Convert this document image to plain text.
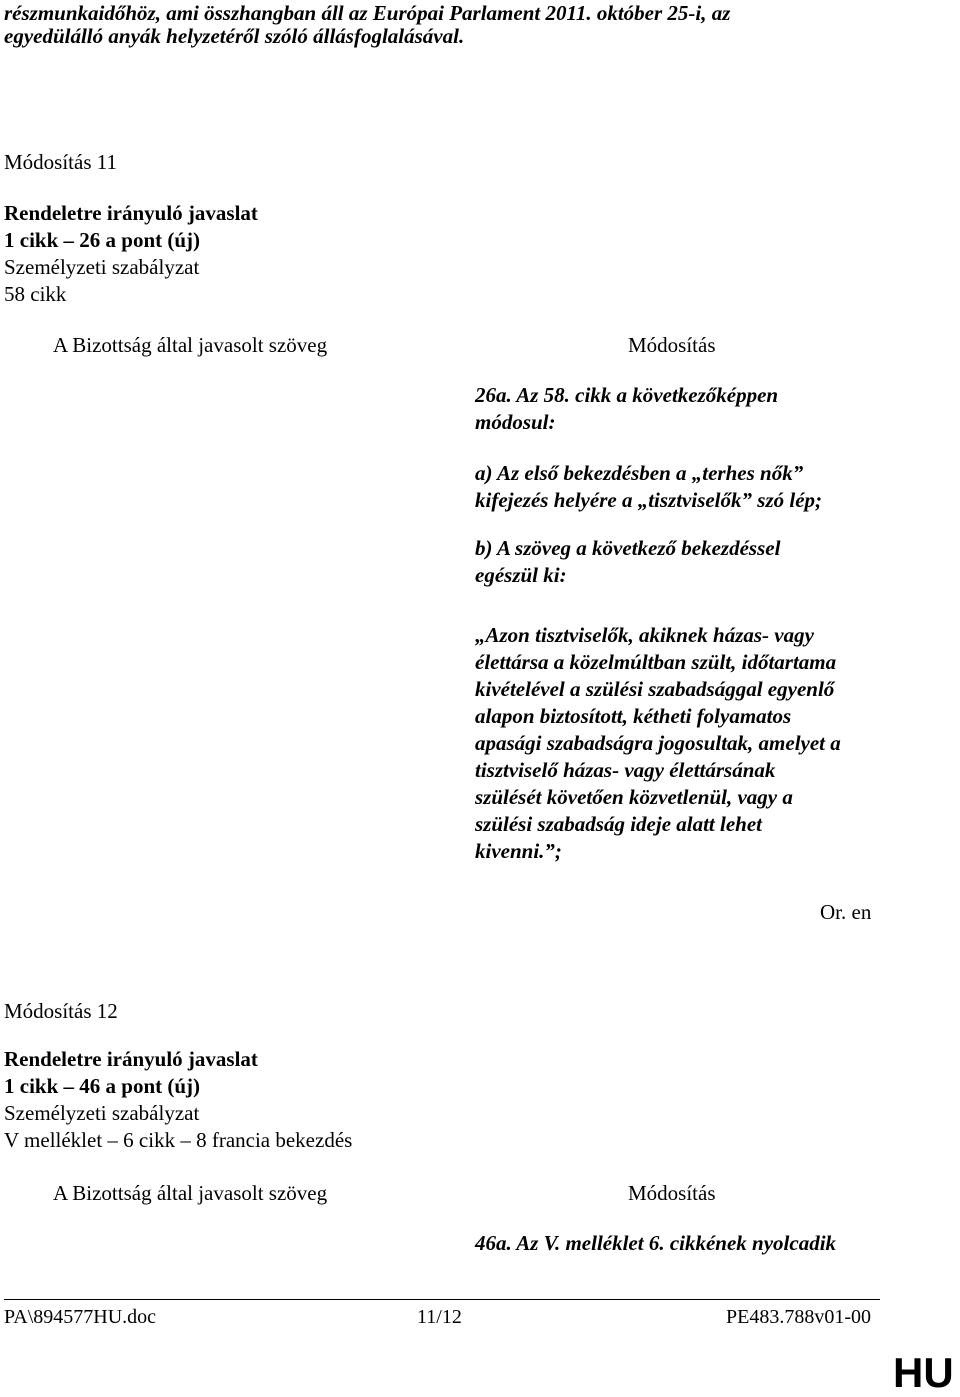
részmunkaidőhöz, ami összhangban áll az Európai Parlament 2011. október 25-i, az
egyedülálló anyák helyzetéről szóló állásfoglalásával.
Módosítás 11
Rendeletre irányuló javaslat
1 cikk – 26 a pont (új)
Személyzeti szabályzat
58 cikk
A Bizottság által javasolt szöveg	Módosítás
26a. Az 58. cikk a következőképpen
módosul:
a) Az első bekezdésben a „terhes nők”
kifejezés helyére a „tisztviselők” szó lép;
b) A szöveg a következő bekezdéssel
egészül ki:
„Azon tisztviselők, akiknek házas- vagy
élettársa a közelmúltban szült, időtartama
kivételével a szülési szabadsággal egyenlő
alapon biztosított, kétheti folyamatos
apasági szabadságra jogosultak, amelyet a
tisztviselő házas- vagy élettársának
szülését követően közvetlenül, vagy a
szülési szabadság ideje alatt lehet
kivenni.”;
Or. en
Módosítás 12
Rendeletre irányuló javaslat
1 cikk – 46 a pont (új)
Személyzeti szabályzat
V melléklet – 6 cikk – 8 francia bekezdés
A Bizottság által javasolt szöveg	Módosítás
46a. Az V. melléklet 6. cikkének nyolcadik
PA\894577HU.doc	11/12	PE483.788v01-00
HU
